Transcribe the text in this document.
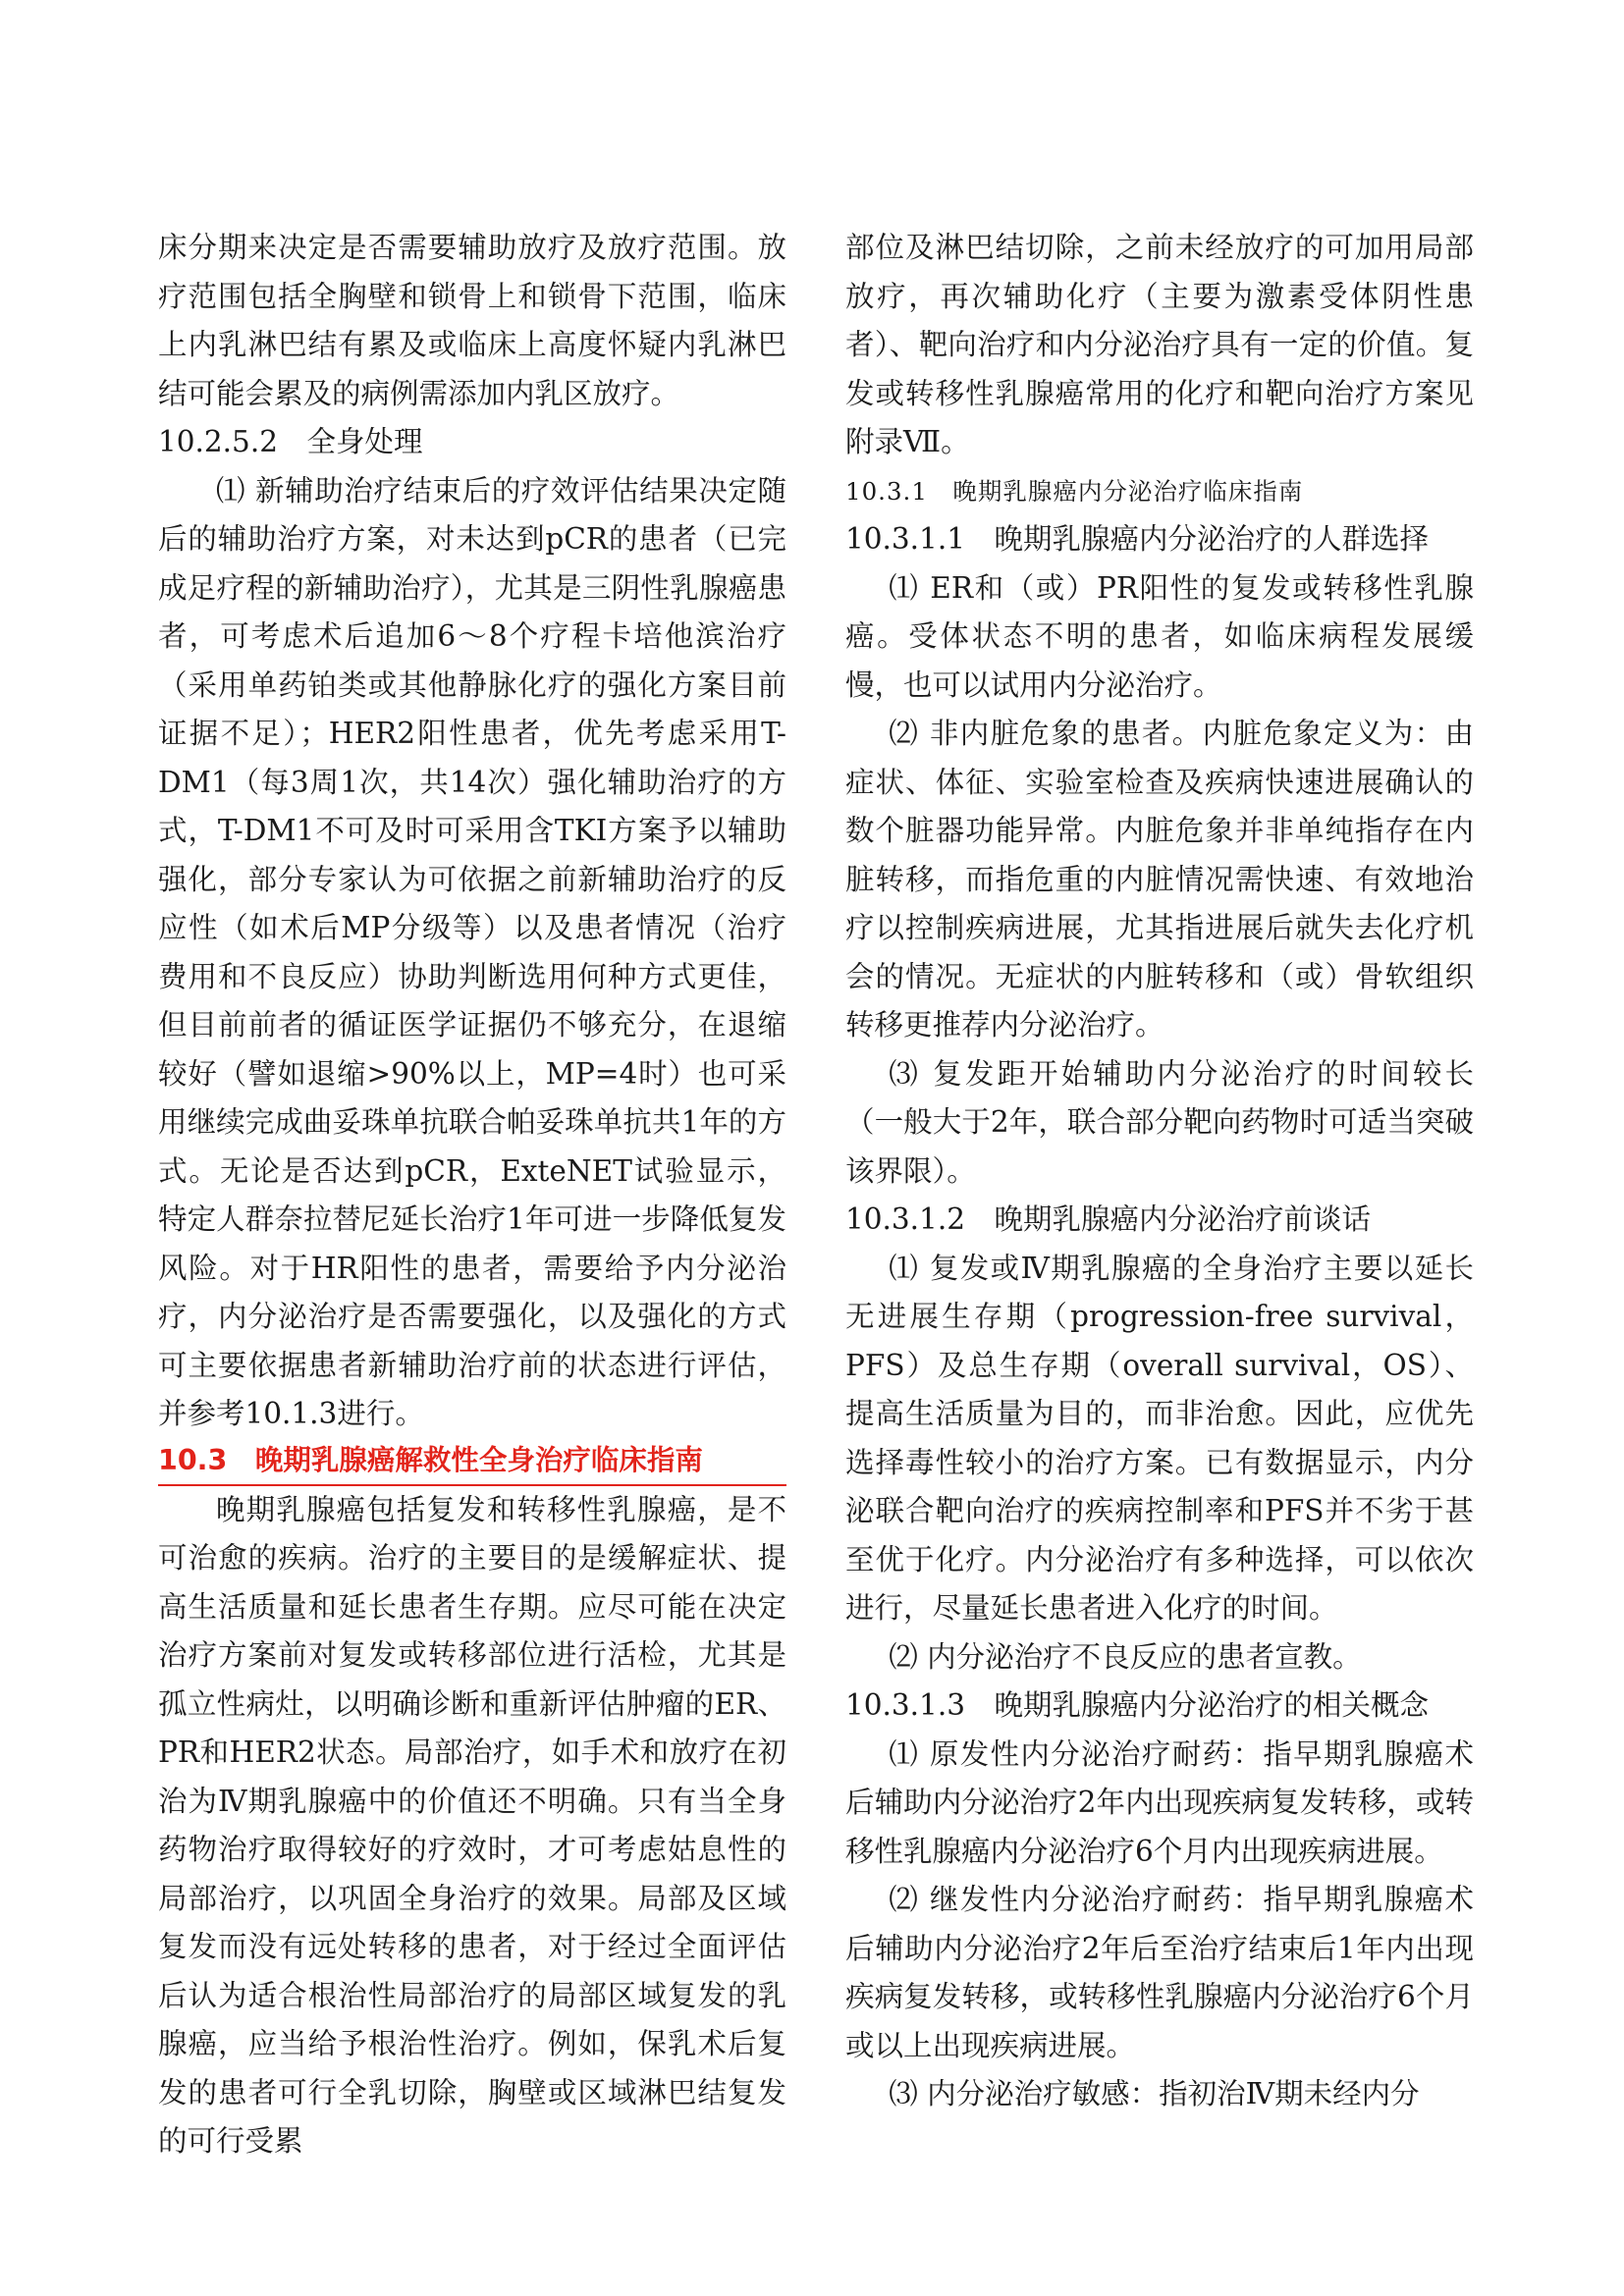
床分期来决定是否需要辅助放疗及放疗范围。放疗范围包括全胸壁和锁骨上和锁骨下范围，临床上内乳淋巴结有累及或临床上高度怀疑内乳淋巴结可能会累及的病例需添加内乳区放疗。

10.2.5.2　全身处理

⑴ 新辅助治疗结束后的疗效评估结果决定随后的辅助治疗方案，对未达到pCR的患者（已完成足疗程的新辅助治疗），尤其是三阴性乳腺癌患者，可考虑术后追加6～8个疗程卡培他滨治疗（采用单药铂类或其他静脉化疗的强化方案目前证据不足）；HER2阳性患者，优先考虑采用T-DM1（每3周1次，共14次）强化辅助治疗的方式，T-DM1不可及时可采用含TKI方案予以辅助强化，部分专家认为可依据之前新辅助治疗的反应性（如术后MP分级等）以及患者情况（治疗费用和不良反应）协助判断选用何种方式更佳，但目前前者的循证医学证据仍不够充分，在退缩较好（譬如退缩>90%以上，MP=4时）也可采用继续完成曲妥珠单抗联合帕妥珠单抗共1年的方式。无论是否达到pCR，ExteNET试验显示，特定人群奈拉替尼延长治疗1年可进一步降低复发风险。对于HR阳性的患者，需要给予内分泌治疗，内分泌治疗是否需要强化，以及强化的方式可主要依据患者新辅助治疗前的状态进行评估，并参考10.1.3进行。

10.3　晚期乳腺癌解救性全身治疗临床指南

晚期乳腺癌包括复发和转移性乳腺癌，是不可治愈的疾病。治疗的主要目的是缓解症状、提高生活质量和延长患者生存期。应尽可能在决定治疗方案前对复发或转移部位进行活检，尤其是孤立性病灶，以明确诊断和重新评估肿瘤的ER、PR和HER2状态。局部治疗，如手术和放疗在初治为Ⅳ期乳腺癌中的价值还不明确。只有当全身药物治疗取得较好的疗效时，才可考虑姑息性的局部治疗，以巩固全身治疗的效果。局部及区域复发而没有远处转移的患者，对于经过全面评估后认为适合根治性局部治疗的局部区域复发的乳腺癌，应当给予根治性治疗。例如，保乳术后复发的患者可行全乳切除，胸壁或区域淋巴结复发的可行受累

部位及淋巴结切除，之前未经放疗的可加用局部放疗，再次辅助化疗（主要为激素受体阴性患者）、靶向治疗和内分泌治疗具有一定的价值。复发或转移性乳腺癌常用的化疗和靶向治疗方案见附录Ⅶ。

10.3.1　晚期乳腺癌内分泌治疗临床指南

10.3.1.1　晚期乳腺癌内分泌治疗的人群选择

⑴ ER和（或）PR阳性的复发或转移性乳腺癌。受体状态不明的患者，如临床病程发展缓慢，也可以试用内分泌治疗。

⑵ 非内脏危象的患者。内脏危象定义为：由症状、体征、实验室检查及疾病快速进展确认的数个脏器功能异常。内脏危象并非单纯指存在内脏转移，而指危重的内脏情况需快速、有效地治疗以控制疾病进展，尤其指进展后就失去化疗机会的情况。无症状的内脏转移和（或）骨软组织转移更推荐内分泌治疗。

⑶ 复发距开始辅助内分泌治疗的时间较长（一般大于2年，联合部分靶向药物时可适当突破该界限）。

10.3.1.2　晚期乳腺癌内分泌治疗前谈话

⑴ 复发或Ⅳ期乳腺癌的全身治疗主要以延长无进展生存期（progression-free survival，PFS）及总生存期（overall survival，OS）、提高生活质量为目的，而非治愈。因此，应优先选择毒性较小的治疗方案。已有数据显示，内分泌联合靶向治疗的疾病控制率和PFS并不劣于甚至优于化疗。内分泌治疗有多种选择，可以依次进行，尽量延长患者进入化疗的时间。

⑵ 内分泌治疗不良反应的患者宣教。

10.3.1.3　晚期乳腺癌内分泌治疗的相关概念

⑴ 原发性内分泌治疗耐药：指早期乳腺癌术后辅助内分泌治疗2年内出现疾病复发转移，或转移性乳腺癌内分泌治疗6个月内出现疾病进展。

⑵ 继发性内分泌治疗耐药：指早期乳腺癌术后辅助内分泌治疗2年后至治疗结束后1年内出现疾病复发转移，或转移性乳腺癌内分泌治疗6个月或以上出现疾病进展。

⑶ 内分泌治疗敏感：指初治Ⅳ期未经内分
